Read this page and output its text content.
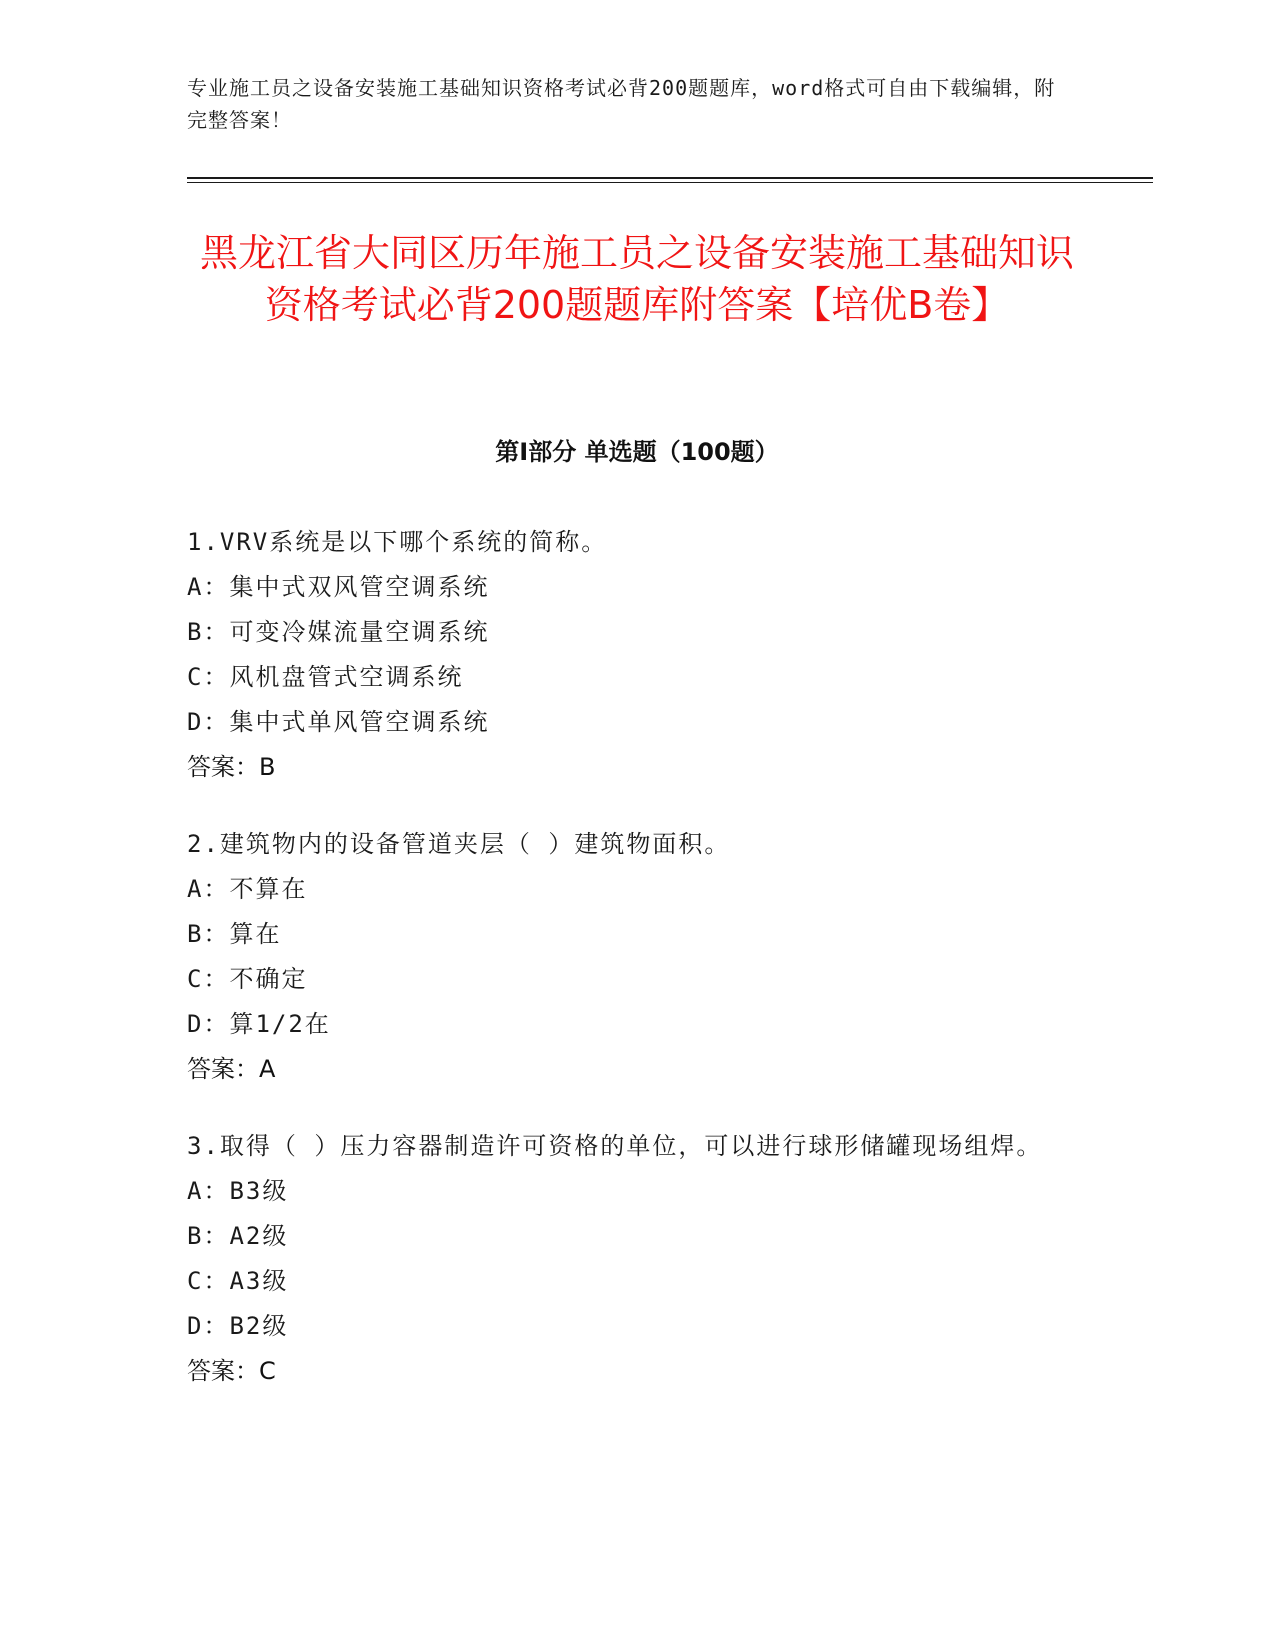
专业施工员之设备安装施工基础知识资格考试必背200题题库，word格式可自由下载编辑，附完整答案！
黑龙江省大同区历年施工员之设备安装施工基础知识资格考试必背200题题库附答案【培优B卷】
第Ⅰ部分 单选题（100题）
1.VRV系统是以下哪个系统的简称。
A：集中式双风管空调系统
B：可变冷媒流量空调系统
C：风机盘管式空调系统
D：集中式单风管空调系统
答案：B
2.建筑物内的设备管道夹层（ ）建筑物面积。
A：不算在
B：算在
C：不确定
D：算1/2在
答案：A
3.取得（ ）压力容器制造许可资格的单位，可以进行球形储罐现场组焊。
A：B3级
B：A2级
C：A3级
D：B2级
答案：C
